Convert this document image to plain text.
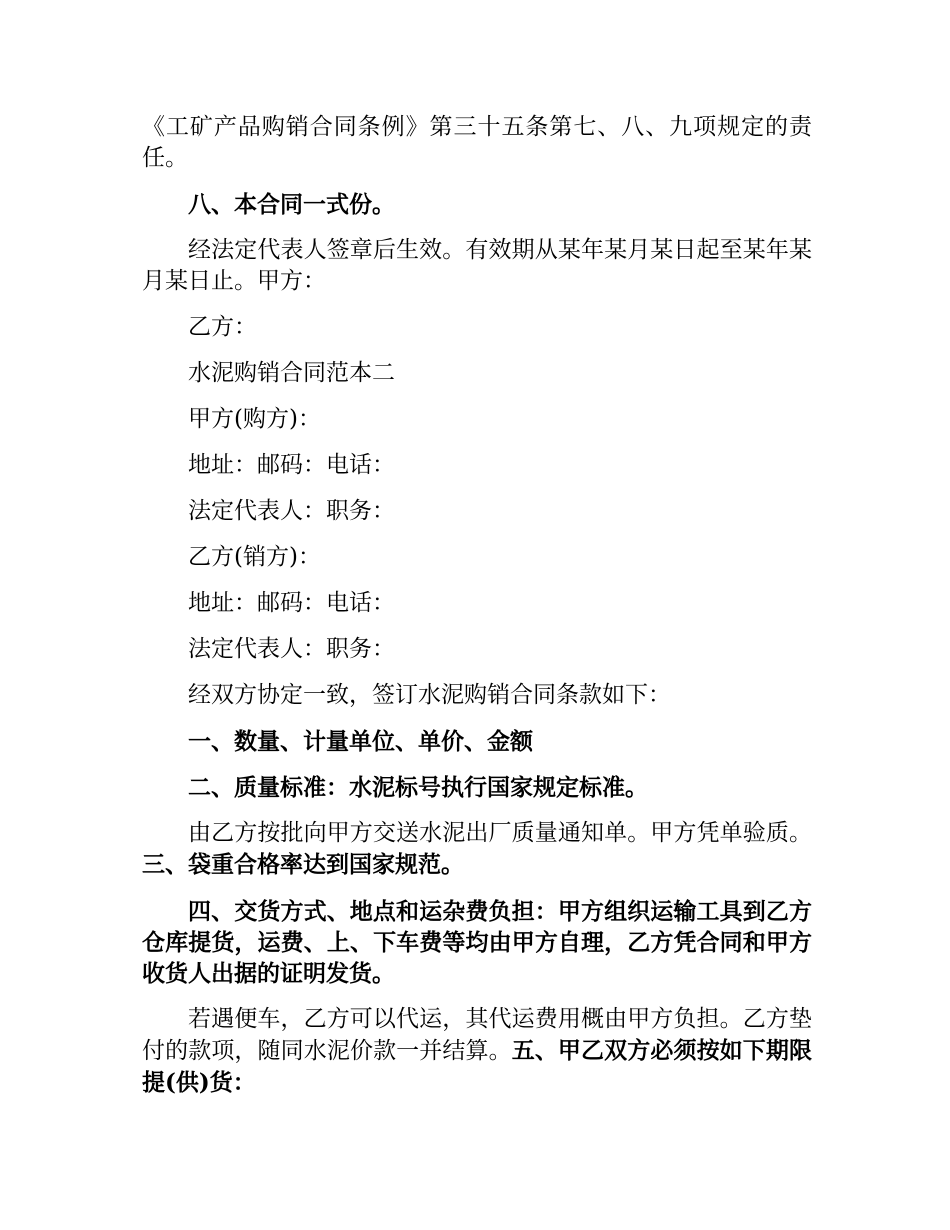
《工矿产品购销合同条例》第三十五条第七、八、九项规定的责任。

八、本合同一式份。

经法定代表人签章后生效。有效期从某年某月某日起至某年某月某日止。甲方：

乙方：

水泥购销合同范本二

甲方(购方)：

地址：邮码：电话：

法定代表人：职务：

乙方(销方)：

地址：邮码：电话：

法定代表人：职务：

经双方协定一致，签订水泥购销合同条款如下：

一、数量、计量单位、单价、金额

二、质量标准：水泥标号执行国家规定标准。

由乙方按批向甲方交送水泥出厂质量通知单。甲方凭单验质。三、袋重合格率达到国家规范。

四、交货方式、地点和运杂费负担：甲方组织运输工具到乙方仓库提货，运费、上、下车费等均由甲方自理，乙方凭合同和甲方收货人出据的证明发货。

若遇便车，乙方可以代运，其代运费用概由甲方负担。乙方垫付的款项，随同水泥价款一并结算。五、甲乙双方必须按如下期限提(供)货：
